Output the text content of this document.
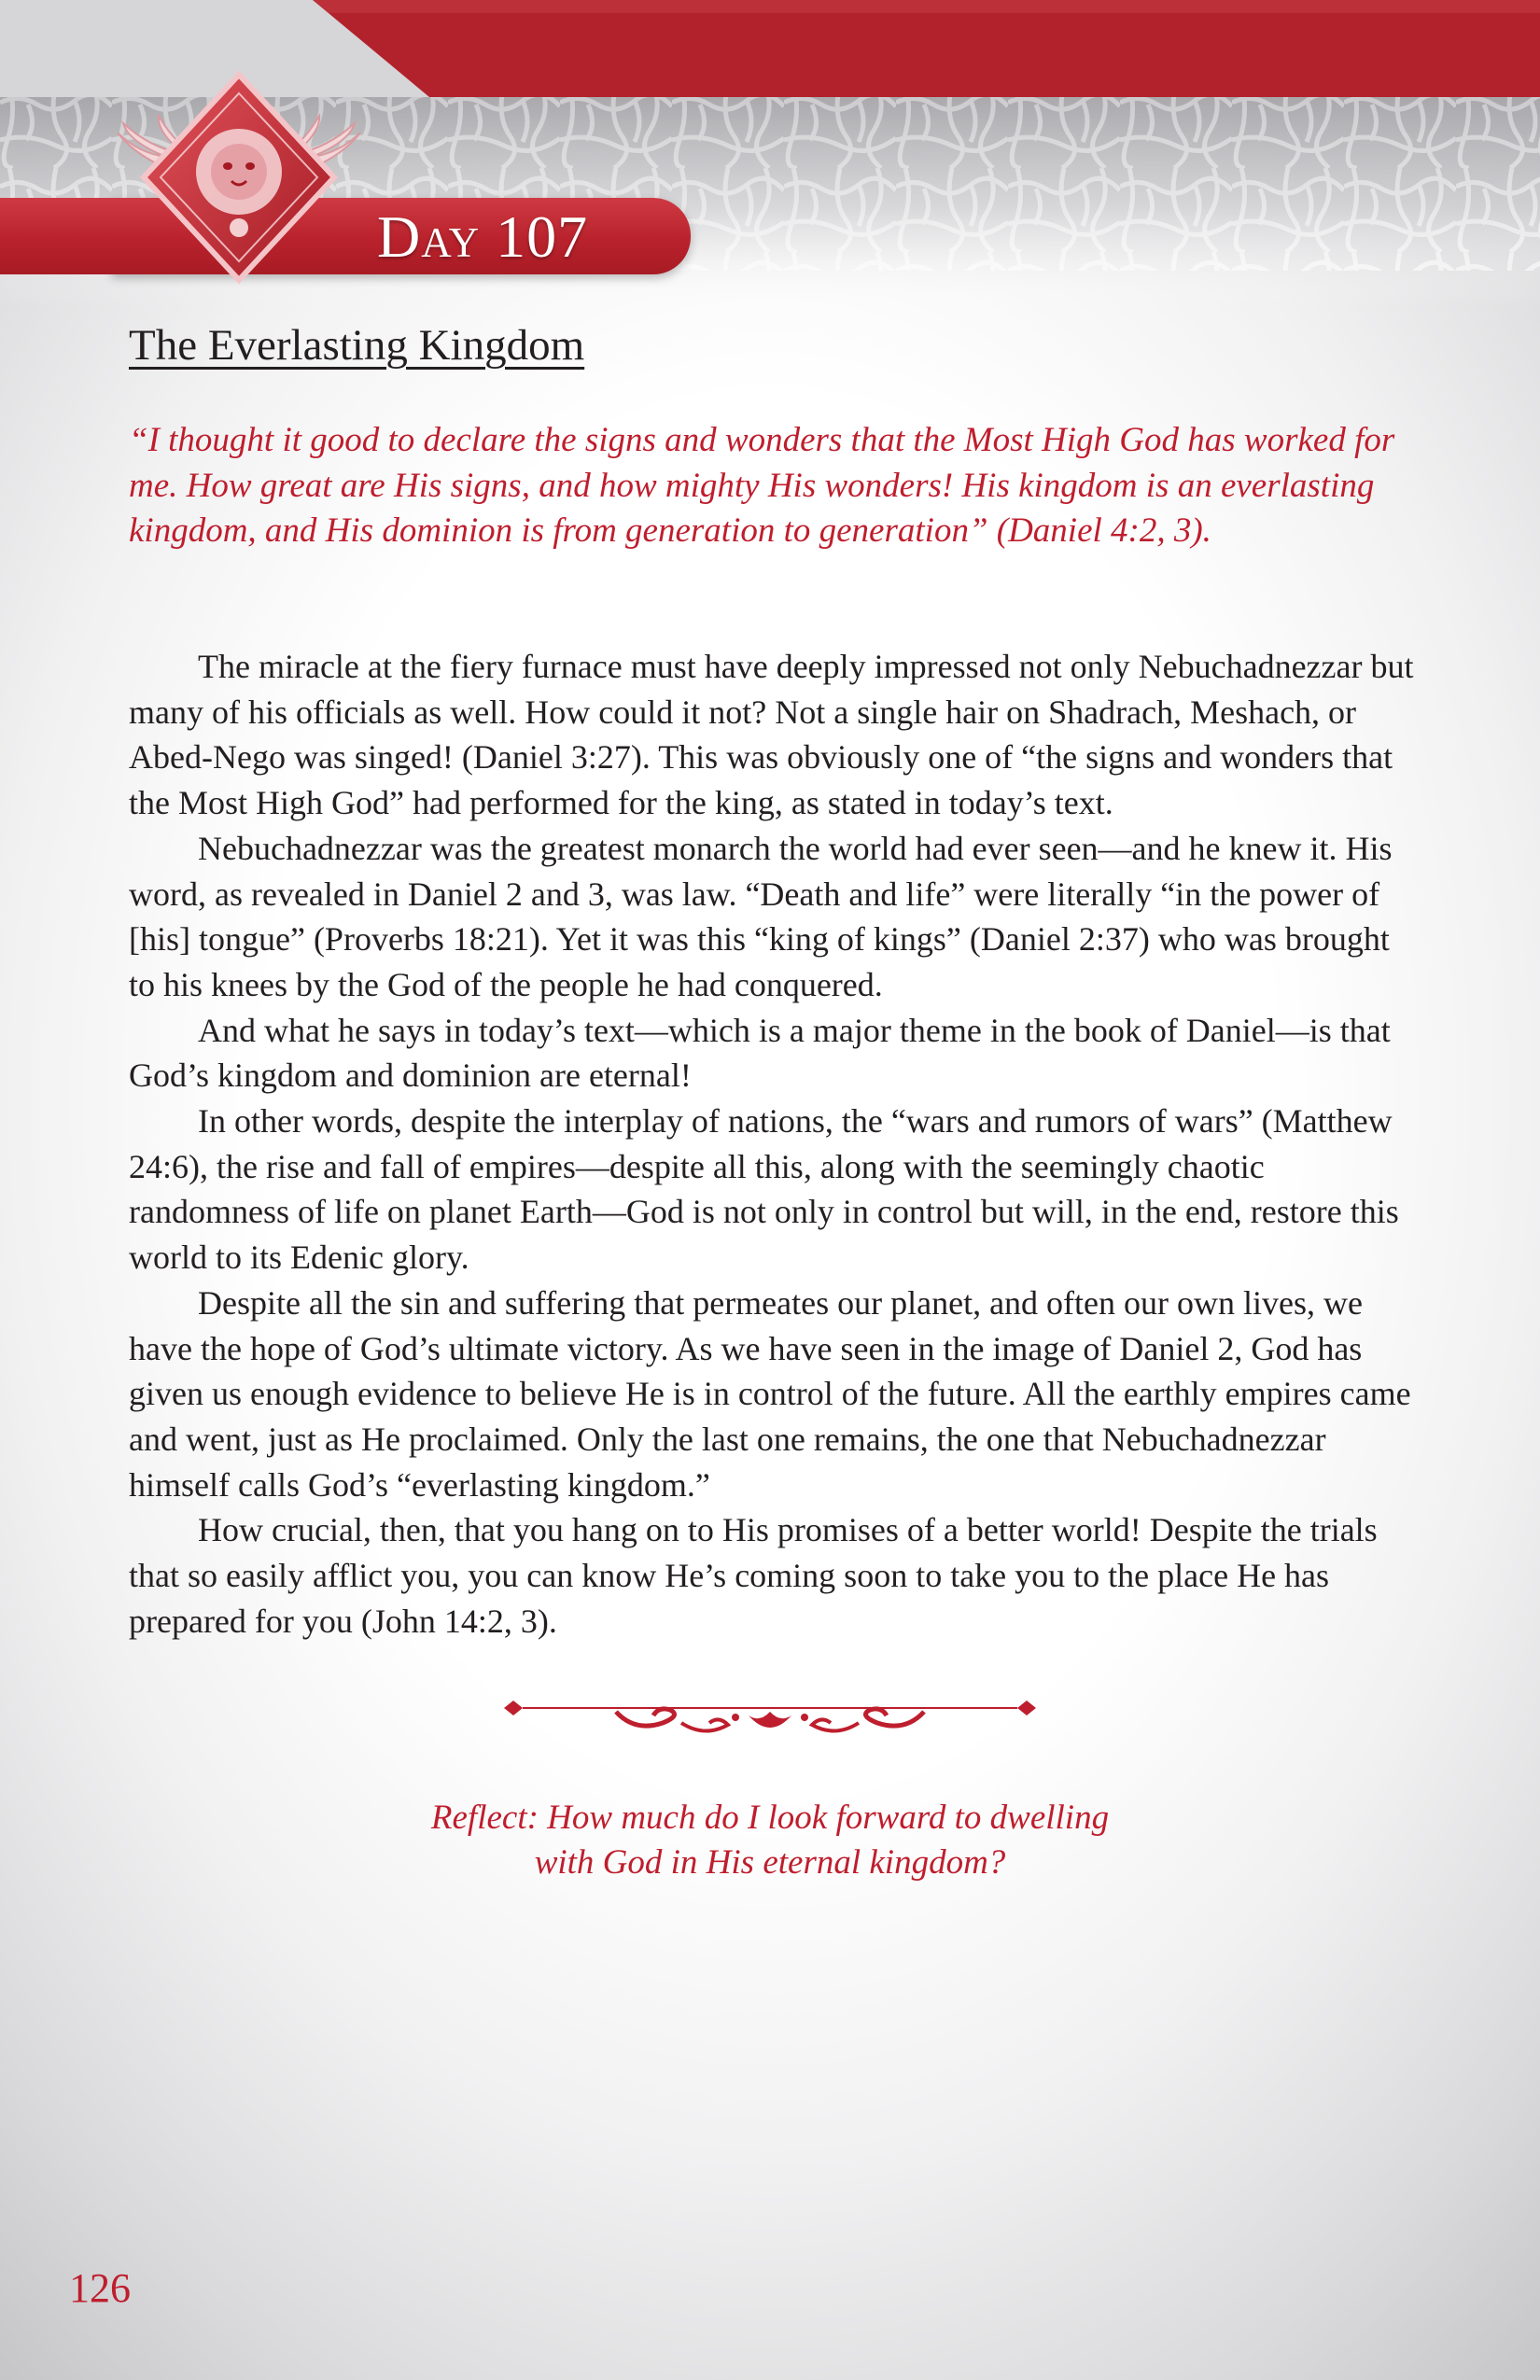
Day 107
The Everlasting Kingdom

“I thought it good to declare the signs and wonders that the Most High God has worked for me. How great are His signs, and how mighty His wonders! His kingdom is an everlasting kingdom, and His dominion is from generation to generation” (Daniel 4:2, 3).

The miracle at the fiery furnace must have deeply impressed not only Nebuchadnezzar but many of his officials as well. How could it not? Not a single hair on Shadrach, Meshach, or Abed-Nego was singed! (Daniel 3:27). This was obviously one of “the signs and wonders that the Most High God” had performed for the king, as stated in today’s text.

Nebuchadnezzar was the greatest monarch the world had ever seen—and he knew it. His word, as revealed in Daniel 2 and 3, was law. “Death and life” were literally “in the power of [his] tongue” (Proverbs 18:21). Yet it was this “king of kings” (Daniel 2:37) who was brought to his knees by the God of the people he had conquered.

And what he says in today’s text—which is a major theme in the book of Daniel—is that God’s kingdom and dominion are eternal!

In other words, despite the interplay of nations, the “wars and rumors of wars” (Matthew 24:6), the rise and fall of empires—despite all this, along with the seemingly chaotic randomness of life on planet Earth—God is not only in control but will, in the end, restore this world to its Edenic glory.

Despite all the sin and suffering that permeates our planet, and often our own lives, we have the hope of God’s ultimate victory. As we have seen in the image of Daniel 2, God has given us enough evidence to believe He is in control of the future. All the earthly empires came and went, just as He proclaimed. Only the last one remains, the one that Nebuchadnezzar himself calls God’s “everlasting kingdom.”

How crucial, then, that you hang on to His promises of a better world! Despite the trials that so easily afflict you, you can know He’s coming soon to take you to the place He has prepared for you (John 14:2, 3).

Reflect: How much do I look forward to dwelling
with God in His eternal kingdom?

126
